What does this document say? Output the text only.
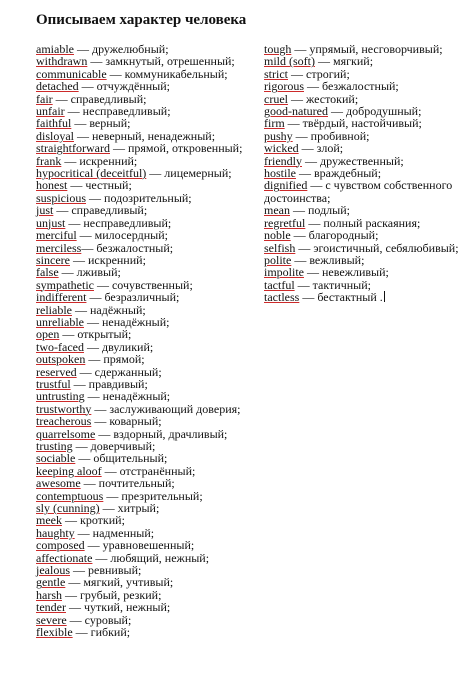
Описываем характер человека
amiable — дружелюбный;
withdrawn — замкнутый, отрешенный;
communicable — коммуникабельный;
detached — отчуждённый;
fair — справедливый;
unfair — несправедливый;
faithful — верный;
disloyal — неверный, ненадежный;
straightforward — прямой, откровенный;
frank — искренний;
hypocritical (deceitful) — лицемерный;
honest — честный;
suspicious — подозрительный;
just — справедливый;
unjust — несправедливый;
merciful — милосердный;
merciless— безжалостный;
sincere — искренний;
false — лживый;
sympathetic — сочувственный;
indifferent — безразличный;
reliable — надёжный;
unreliable — ненадёжный;
open — открытый;
two-faced — двуликий;
outspoken — прямой;
reserved — сдержанный;
trustful — правдивый;
untrusting — ненадёжный;
trustworthy — заслуживающий доверия;
treacherous — коварный;
quarrelsome — вздорный, драчливый;
trusting — доверчивый;
sociable — общительный;
keeping aloof — отстранённый;
awesome — почтительный;
contemptuous — презрительный;
sly (cunning) — хитрый;
meek — кроткий;
haughty — надменный;
composed — уравновешенный;
affectionate — любящий, нежный;
jealous — ревнивый;
gentle — мягкий, учтивый;
harsh — грубый, резкий;
tender — чуткий, нежный;
severe — суровый;
flexible — гибкий;
tough — упрямый, несговорчивый;
mild (soft) — мягкий;
strict — строгий;
rigorous — безжалостный;
cruel — жестокий;
good-natured — добродушный;
firm — твёрдый, настойчивый;
pushy — пробивной;
wicked — злой;
friendly — дружественный;
hostile — враждебный;
dignified — с чувством собственного достоинства;
mean — подлый;
regretful — полный раскаяния;
noble — благородный;
selfish — эгоистичный, себялюбивый;
polite — вежливый;
impolite — невежливый;
tactful — тактичный;
tactless — бестактный .
